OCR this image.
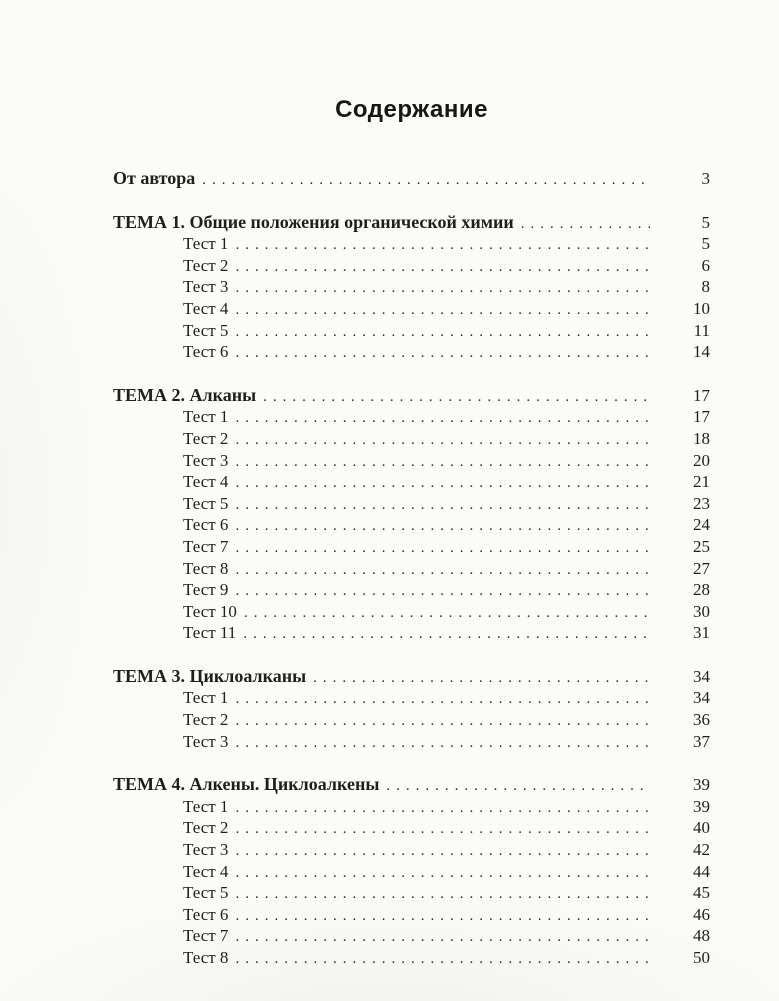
Содержание
От автора .....	3
ТЕМА 1. Общие положения органической химии .....	5
Тест 1 .....	5
Тест 2 .....	6
Тест 3 .....	8
Тест 4 .....	10
Тест 5 .....	11
Тест 6 .....	14
ТЕМА 2. Алканы .....	17
Тест 1 .....	17
Тест 2 .....	18
Тест 3 .....	20
Тест 4 .....	21
Тест 5 .....	23
Тест 6 .....	24
Тест 7 .....	25
Тест 8 .....	27
Тест 9 .....	28
Тест 10 .....	30
Тест 11 .....	31
ТЕМА 3. Циклоалканы .....	34
Тест 1 .....	34
Тест 2 .....	36
Тест 3 .....	37
ТЕМА 4. Алкены. Циклоалкены .....	39
Тест 1 .....	39
Тест 2 .....	40
Тест 3 .....	42
Тест 4 .....	44
Тест 5 .....	45
Тест 6 .....	46
Тест 7 .....	48
Тест 8 .....	50
